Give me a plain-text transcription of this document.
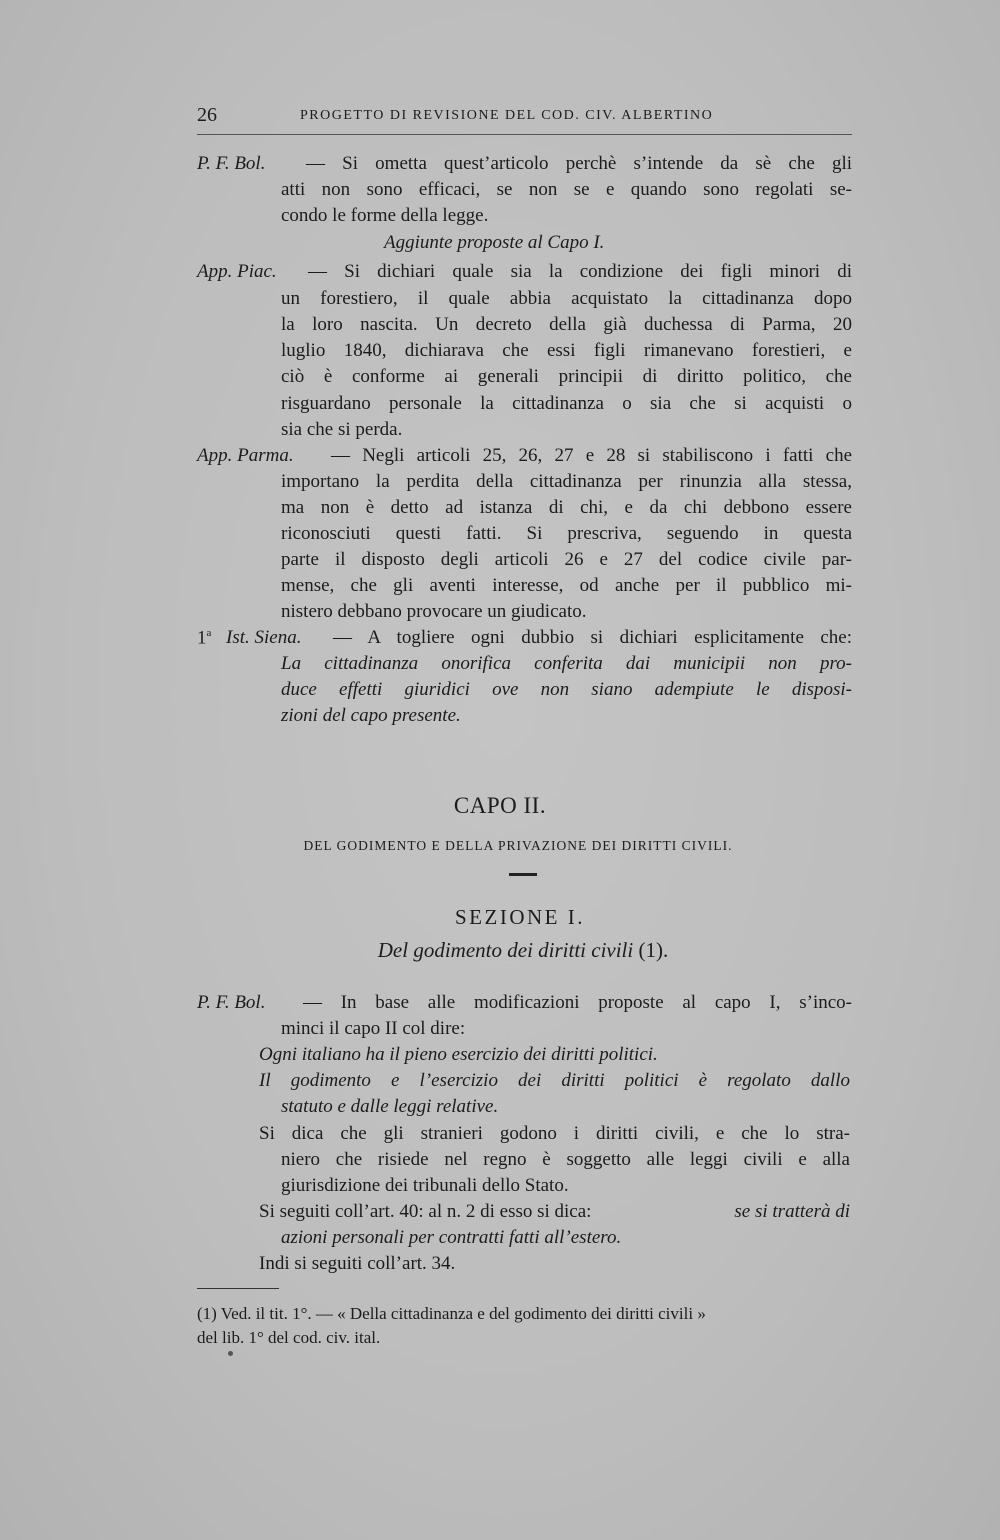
26	PROGETTO DI REVISIONE DEL COD. CIV. ALBERTINO
P. F. Bol. — Si ometta quest’articolo perchè s’intende da sè che gli
atti non sono efficaci, se non se e quando sono regolati se-
condo le forme della legge.
Aggiunte proposte al Capo I.
App. Piac. — Si dichiari quale sia la condizione dei figli minori di
un forestiero, il quale abbia acquistato la cittadinanza dopo
la loro nascita. Un decreto della già duchessa di Parma, 20
luglio 1840, dichiarava che essi figli rimanevano forestieri, e
ciò è conforme ai generali principii di diritto politico, che
risguardano personale la cittadinanza o sia che si acquisti o
sia che si perda.
App. Parma. — Negli articoli 25, 26, 27 e 28 si stabiliscono i fatti che
importano la perdita della cittadinanza per rinunzia alla stessa,
ma non è detto ad istanza di chi, e da chi debbono essere
riconosciuti questi fatti. Si prescriva, seguendo in questa
parte il disposto degli articoli 26 e 27 del codice civile par-
mense, che gli aventi interesse, od anche per il pubblico mi-
nistero debbano provocare un giudicato.
1$^a$ Ist. Siena. — A togliere ogni dubbio si dichiari esplicitamente che:
La cittadinanza onorifica conferita dai municipii non pro-
duce effetti giuridici ove non siano adempiute le disposi-
zioni del capo presente.
CAPO II.
DEL GODIMENTO E DELLA PRIVAZIONE DEI DIRITTI CIVILI.
SEZIONE I.
Del godimento dei diritti civili (1).
P. F. Bol. — In base alle modificazioni proposte al capo I, s’inco-
minci il capo II col dire:
Ogni italiano ha il pieno esercizio dei diritti politici.
Il godimento e l’esercizio dei diritti politici è regolato dallo
statuto e dalle leggi relative.
Si dica che gli stranieri godono i diritti civili, e che lo stra-
niero che risiede nel regno è soggetto alle leggi civili e alla
giurisdizione dei tribunali dello Stato.
Si seguiti coll’art. 40: al n. 2 di esso si dica:	se si tratterà di
azioni personali per contratti fatti all’estero.
Indi si seguiti coll’art. 34.
(1) Ved. il tit. 1°. — « Della cittadinanza e del godimento dei diritti civili »
del lib. 1° del cod. civ. ital.
